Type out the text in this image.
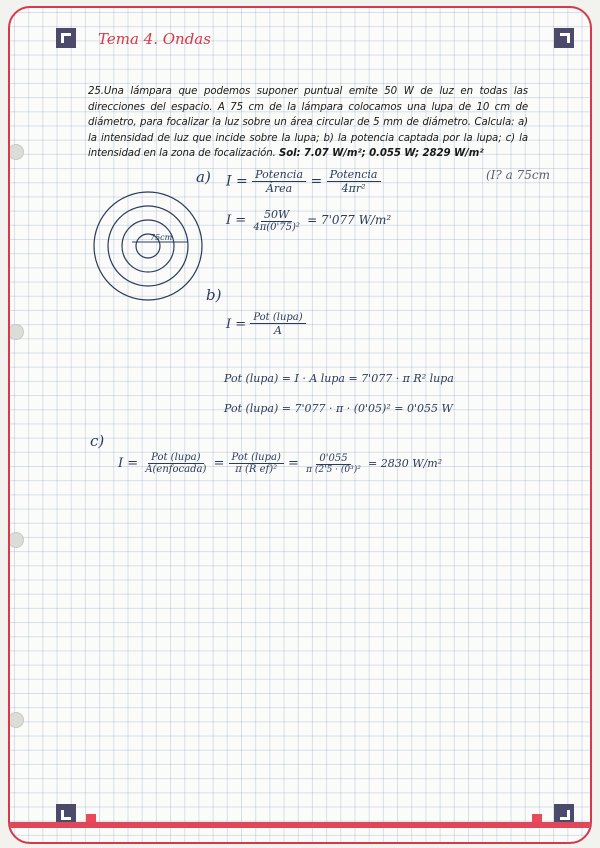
Tema 4. Ondas
25.Una lámpara que podemos suponer puntual emite 50 W de luz en todas las direcciones del espacio. A 75 cm de la lámpara colocamos una lupa de 10 cm de diámetro, para focalizar la luz sobre un área circular de 5 mm de diámetro. Calcula: a) la intensidad de luz que incide sobre la lupa; b) la potencia captada por la lupa; c) la intensidad en la zona de focalización. Sol: 7.07 W/m²; 0.055 W; 2829 W/m²
a) $I = \frac{\text{Potencia}}{\text{Área}} = \frac{\text{Potencia}}{\text{4πr²}}$	(I? a 75cm
$I = \frac{50W}{\text{4π(0'75)²}} = 7'077$ W/m²
75cm
b)
$I = \frac{\text{Pot (lupa)}}{A}$
Pot (lupa) = I · A lupa = 7'077 · π R² lupa
Pot (lupa) = 7'077 · π · (0'05)² = 0'055 W
c)
$I = \frac{\text{Pot (lupa)}}{\text{A(enfocada)}} = \frac{\text{Pot (lupa)}}{\text{π (R ef)²}} = \frac{0'055}{\text{π (2'5 · (0³)²}} = 2830$ W/m²
